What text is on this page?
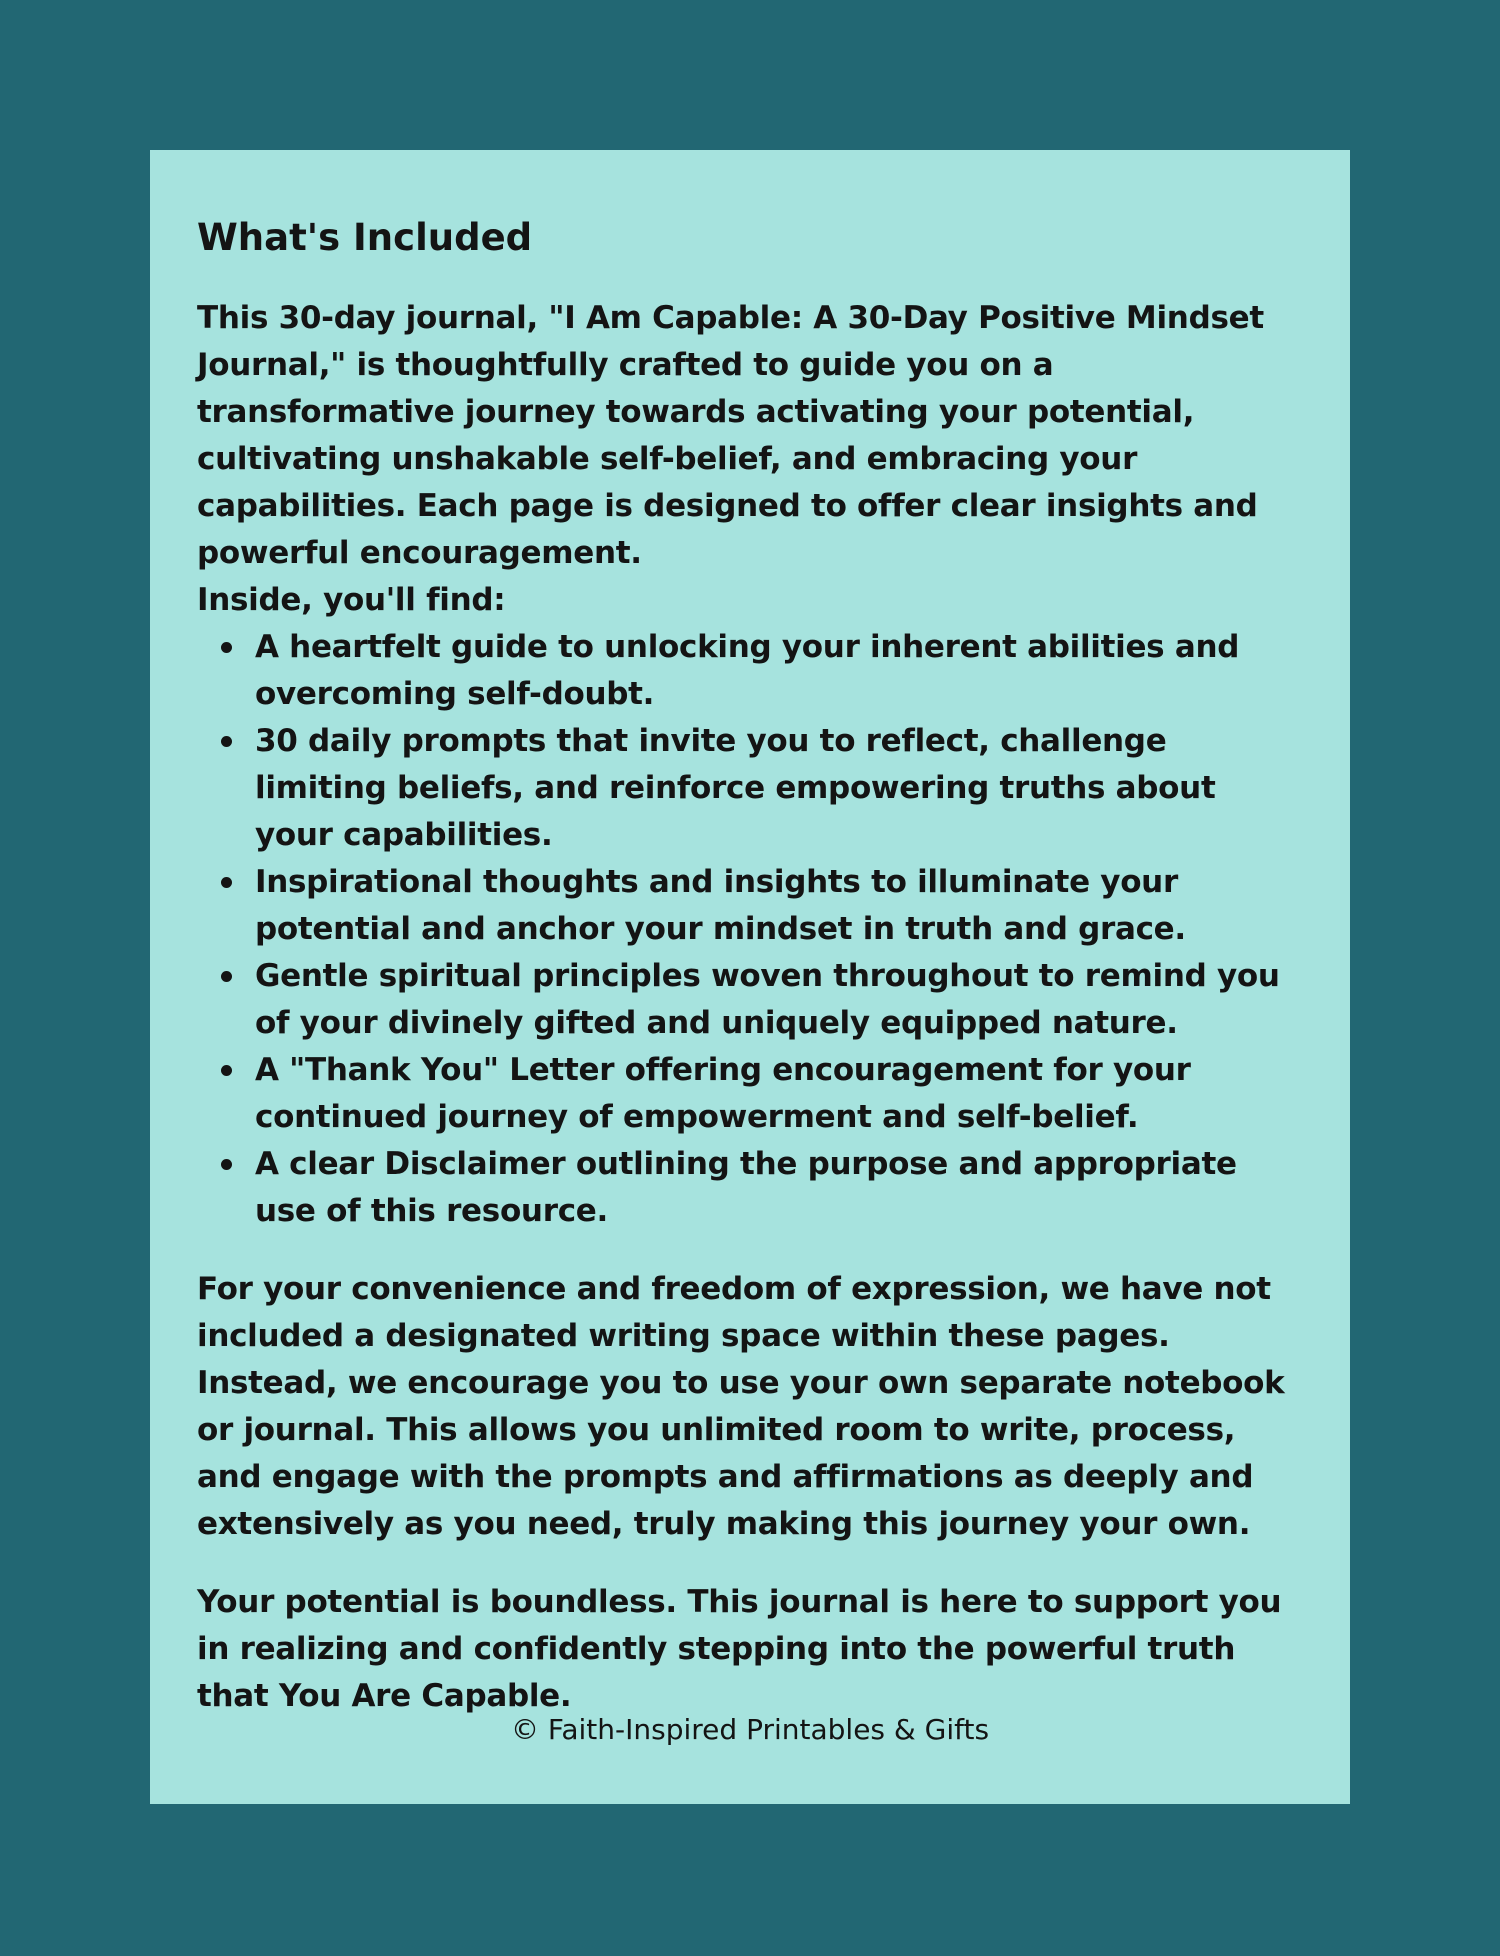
What's Included

This 30-day journal, "I Am Capable: A 30-Day Positive Mindset Journal," is thoughtfully crafted to guide you on a transformative journey towards activating your potential, cultivating unshakable self-belief, and embracing your capabilities. Each page is designed to offer clear insights and powerful encouragement.

Inside, you'll find:

A heartfelt guide to unlocking your inherent abilities and overcoming self-doubt.
30 daily prompts that invite you to reflect, challenge limiting beliefs, and reinforce empowering truths about your capabilities.
Inspirational thoughts and insights to illuminate your potential and anchor your mindset in truth and grace.
Gentle spiritual principles woven throughout to remind you of your divinely gifted and uniquely equipped nature.
A "Thank You" Letter offering encouragement for your continued journey of empowerment and self-belief.
A clear Disclaimer outlining the purpose and appropriate use of this resource.

For your convenience and freedom of expression, we have not included a designated writing space within these pages. Instead, we encourage you to use your own separate notebook or journal. This allows you unlimited room to write, process, and engage with the prompts and affirmations as deeply and extensively as you need, truly making this journey your own.

Your potential is boundless. This journal is here to support you in realizing and confidently stepping into the powerful truth that You Are Capable.

© Faith-Inspired Printables & Gifts
